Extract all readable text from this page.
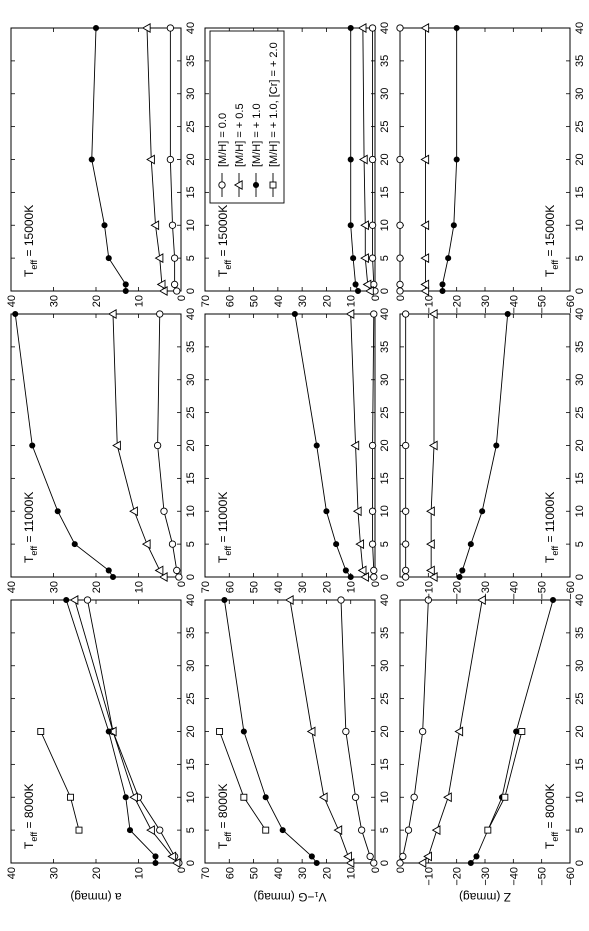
0
5
10
15
20
25
30
35
40
0
10
20
30
40
a (mmag)
$T_{eff} = 8000K$
0
5
10
15
20
25
30
35
40
0
10
20
30
40
50
60
70
V₁−G (mmag)
$T_{eff} = 8000K$
0
5
10
15
20
25
30
35
40
−60
−50
−40
−30
−20
−10
0
Z (mmag)
$T_{eff} = 8000K$
0
5
10
15
20
25
30
35
40
0
10
20
30
40
$T_{eff} = 11000K$
0
5
10
15
20
25
30
35
40
0
10
20
30
40
50
60
70
$T_{eff} = 11000K$
0
5
10
15
20
25
30
35
40
−60
−50
−40
−30
−20
−10
0
$T_{eff} = 11000K$
0
5
10
15
20
25
30
35
40
0
10
20
30
40
$T_{eff} = 15000K$
0
5
10
15
20
25
30
35
40
0
10
20
30
40
50
60
70
$T_{eff} = 15000K$
[M/H] = 0.0 [M/H] = + 0.5 [M/H] = + 1.0 [M/H] = + 1.0, [Cr] = + 2.0
0
5
10
15
20
25
30
35
40
−60
−50
−40
−30
−20
−10
0
$T_{eff} = 15000K$
